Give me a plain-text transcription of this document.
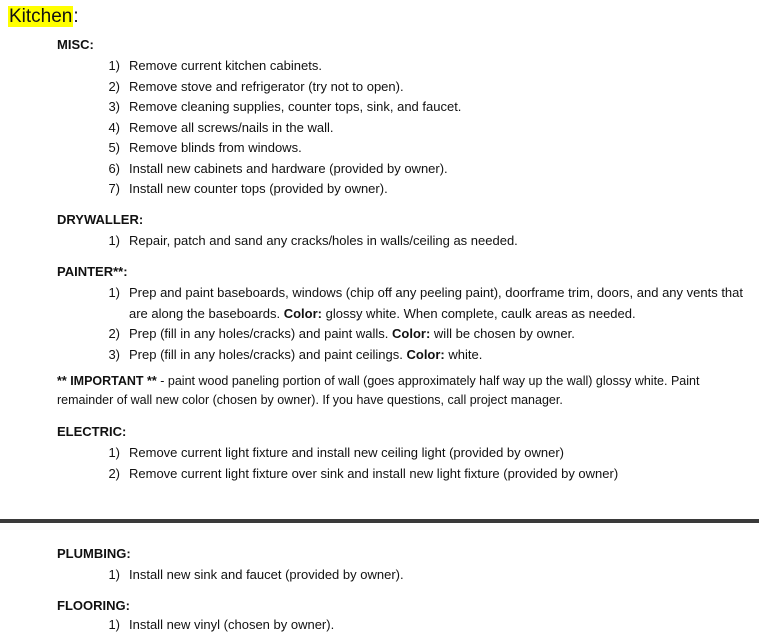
Kitchen:
MISC:
1) Remove current kitchen cabinets.
2) Remove stove and refrigerator (try not to open).
3) Remove cleaning supplies, counter tops, sink, and faucet.
4) Remove all screws/nails in the wall.
5) Remove blinds from windows.
6) Install new cabinets and hardware (provided by owner).
7) Install new counter tops (provided by owner).
DRYWALLER:
1) Repair, patch and sand any cracks/holes in walls/ceiling as needed.
PAINTER**:
1) Prep and paint baseboards, windows (chip off any peeling paint), doorframe trim, doors, and any vents that are along the baseboards. Color: glossy white. When complete, caulk areas as needed.
2) Prep (fill in any holes/cracks) and paint walls. Color: will be chosen by owner.
3) Prep (fill in any holes/cracks) and paint ceilings. Color: white.
** IMPORTANT ** - paint wood paneling portion of wall (goes approximately half way up the wall) glossy white. Paint remainder of wall new color (chosen by owner). If you have questions, call project manager.
ELECTRIC:
1) Remove current light fixture and install new ceiling light (provided by owner)
2) Remove current light fixture over sink and install new light fixture (provided by owner)
PLUMBING:
1) Install new sink and faucet (provided by owner).
FLOORING:
1) Install new vinyl (chosen by owner).
